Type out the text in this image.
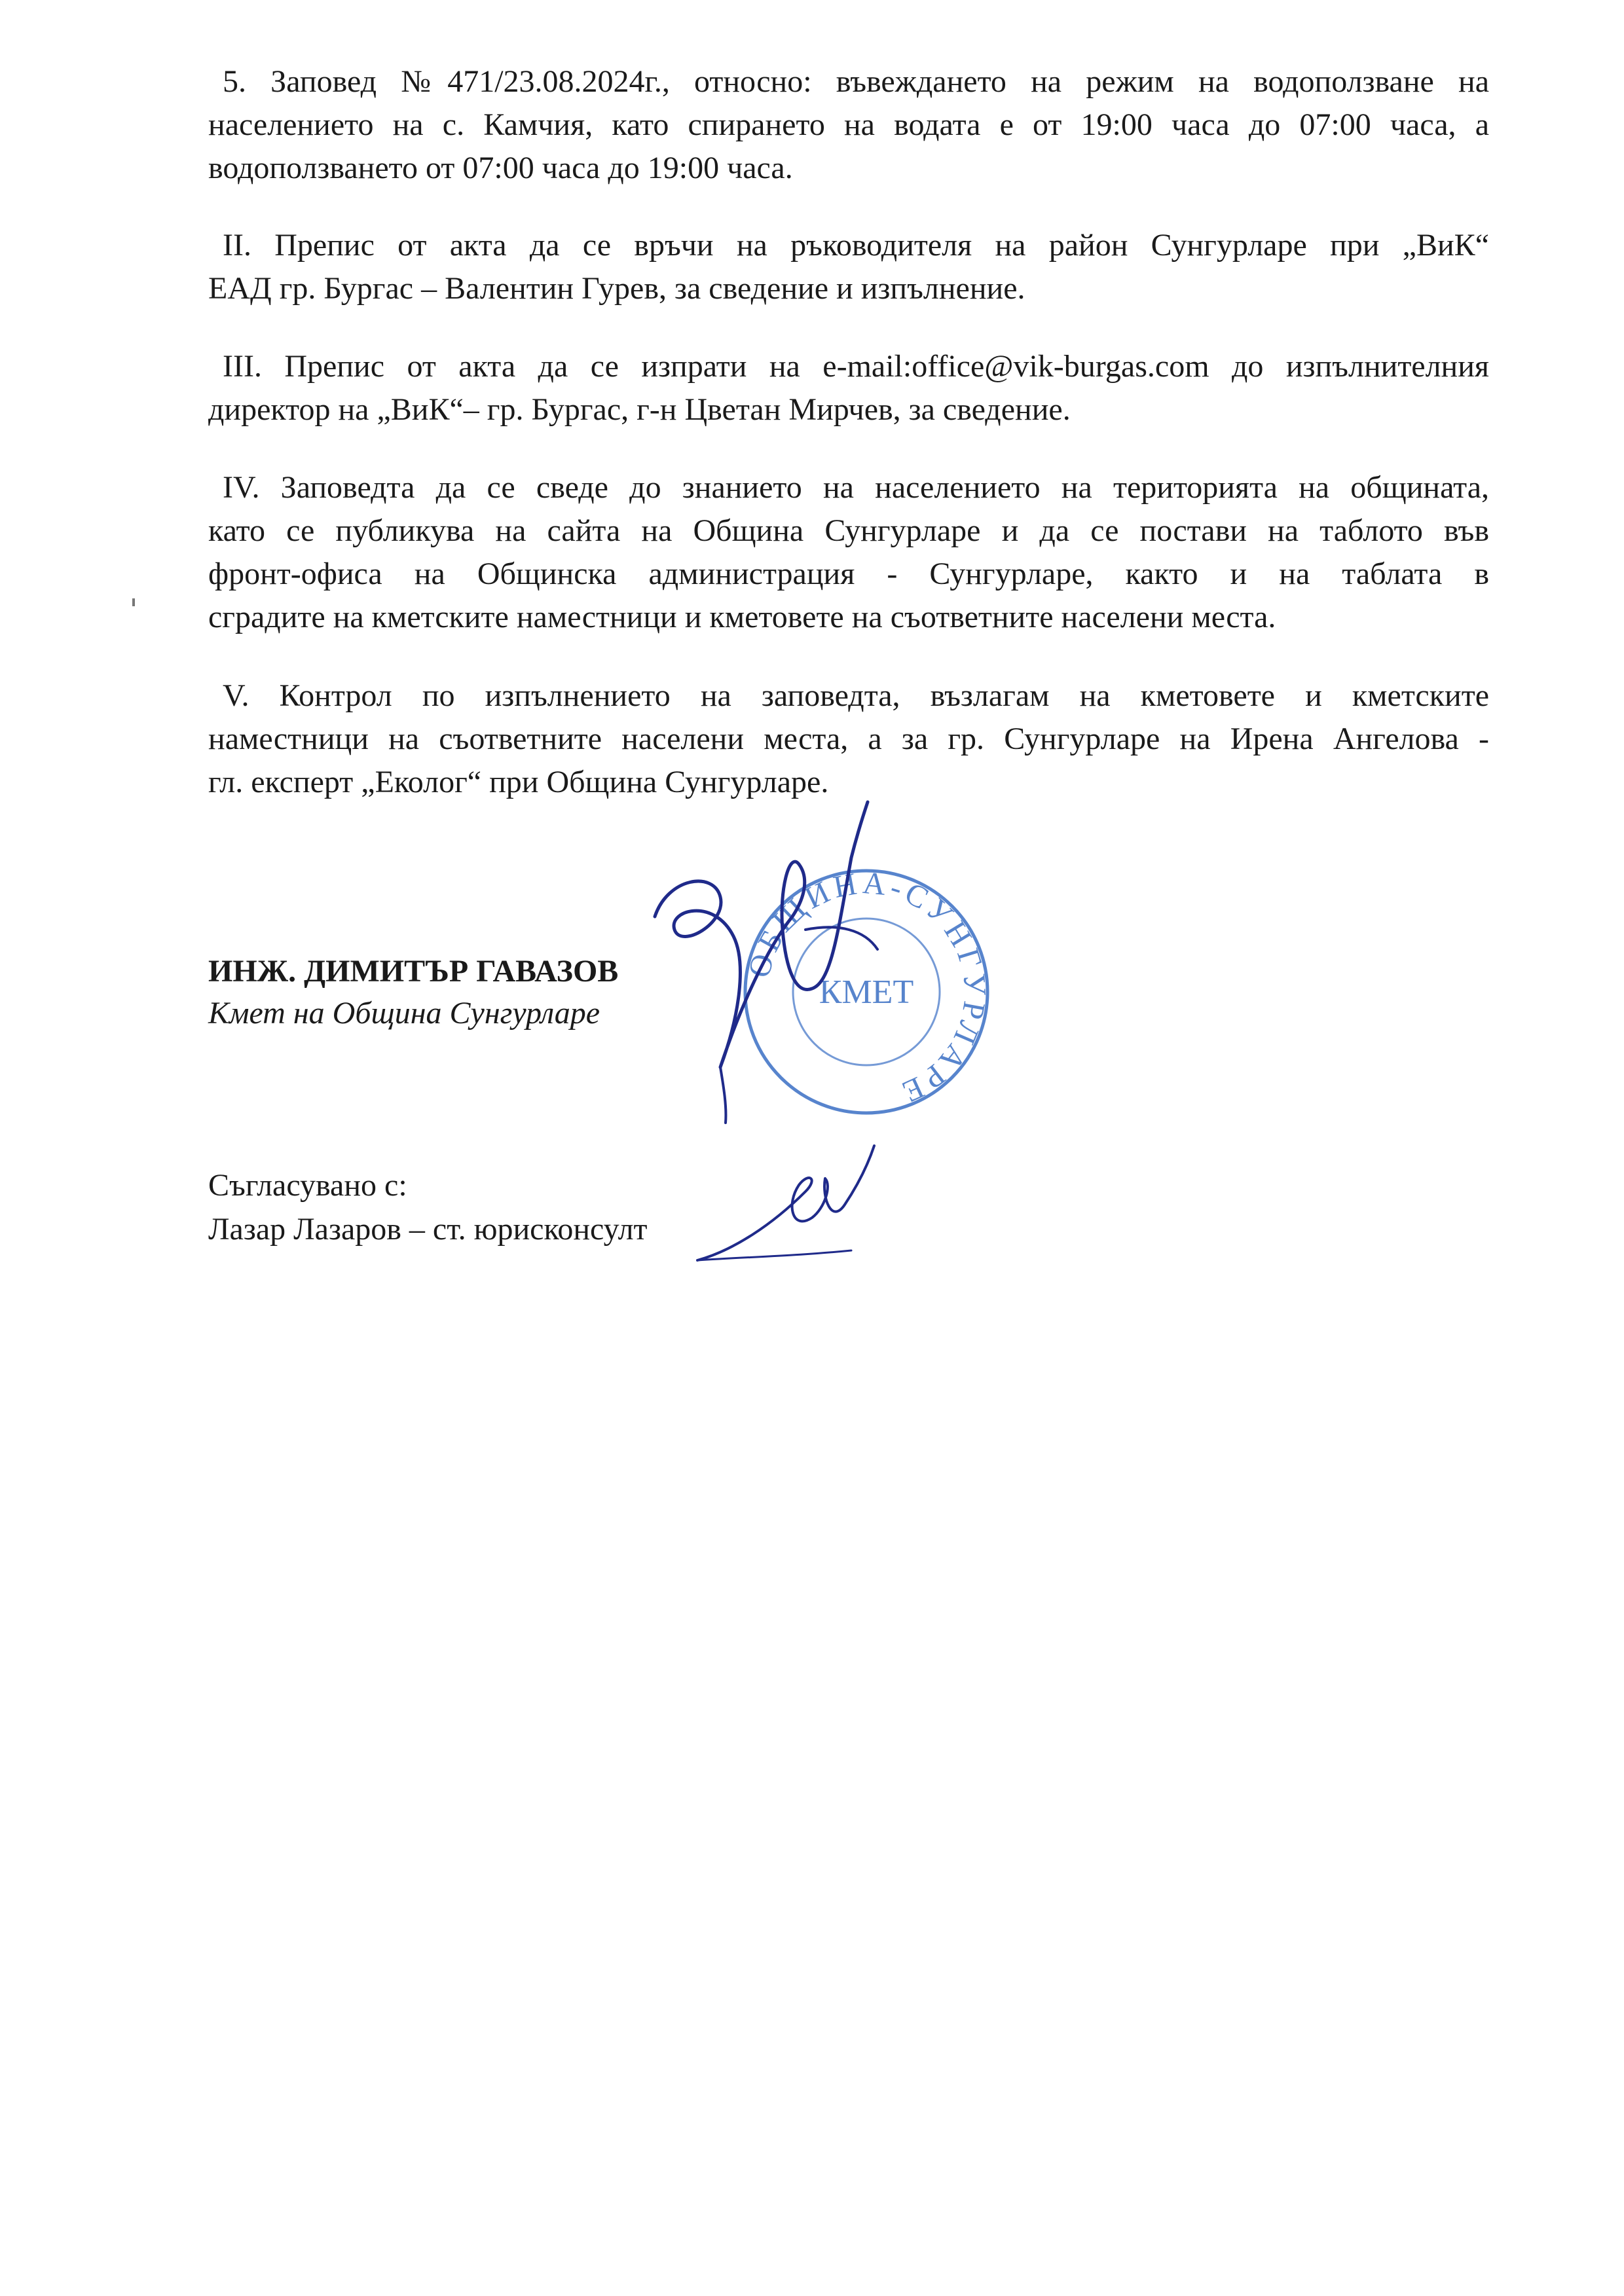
5. Заповед №471/23.08.2024г., относно: въвеждането на режим на водоползване на
населението на с. Камчия, като спирането на водата е от 19:00 часа до 07:00 часа, а
водоползването от 07:00 часа до 19:00 часа.
II. Препис от акта да се връчи на ръководителя на район Сунгурларе при „ВиК“
ЕАД гр. Бургас – Валентин Гурев, за сведение и изпълнение.
III. Препис от акта да се изпрати на e-mail:office@vik-burgas.com до изпълнителния
директор на „ВиК“– гр. Бургас, г-н Цветан Мирчев, за сведение.
IV. Заповедта да се сведе до знанието на населението на територията на общината,
като се публикува на сайта на Община Сунгурларе и да се постави на таблото във
фронт-офиса на Общинска администрация - Сунгурларе, както и на таблата в
сградите на кметските наместници и кметовете на съответните населени места.
V. Контрол по изпълнението на заповедта, възлагам на кметовете и кметските
наместници на съответните населени места, а за гр. Сунгурларе на Ирена Ангелова -
гл. експерт „Еколог“ при Община Сунгурларе.
ОБЩИНА-СУНГУРЛАРЕ
КМЕТ

ИНЖ. ДИМИТЪР ГАВАЗОВ

Кмет на Община Сунгурларе

Съгласувано с:

Лазар Лазаров – ст. юрисконсулт
